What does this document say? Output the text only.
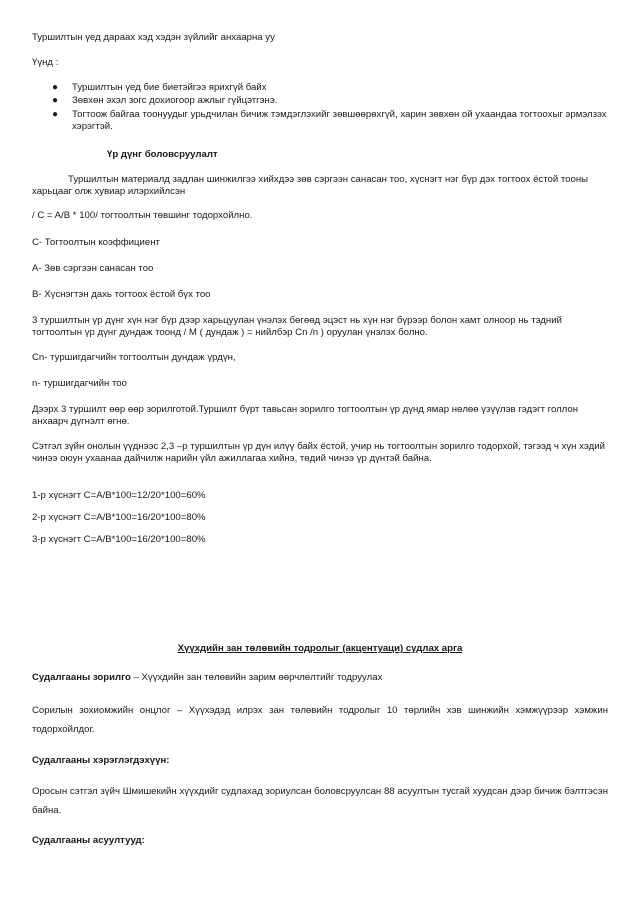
Туршилтын үед дараах хэд хэдэн зүйлийг анхаарна уу

Үүнд :

● Туршилтын үед бие биетэйгээ ярихгүй байх
● Зөвхөн эхэл зогс дохиогоор ажлыг гүйцэтгэнэ.
● Тогтоож байгаа тоонуудыг урьдчилан бичиж тэмдэглэхийг зөвшөөрөхгүй, харин зөвхөн ой ухаандаа тогтоохыг эрмэлзэх хэрэгтэй.

Үр дүнг боловсруулалт

Туршилтын материалд задлан шинжилгээ хийхдээ зөв сэргээн санасан тоо, хүснэгт нэг бүр дэх тогтоох ёстой тооны харьцааг олж хувиар илэрхийлсэн

/ C = A/B * 100/ тогтоолтын төвшинг тодорхойлно.

С- Тогтоолтын коэффициент

А- Зөв сэргээн санасан тоо

В- Хүснэгтэн дахь тогтоох ёстой бүх тоо

3 туршилтын үр дүнг хүн нэг бүр дээр харьцуулан үнэлэх бөгөөд эцэст нь хүн нэг бүрээр болон хамт олноор нь тэдний тогтоолтын үр дүнг дундаж тоонд / М ( дундаж ) = нийлбэр Cn /n ) оруулан үнэлэх болно.

Cn- туршигдагчийн тогтоолтын дундаж үрдүн,

n- туршигдагчийн тоо

Дээрх 3 туршилт өөр өөр зорилготой.Туршилт бүрт тавьсан зорилго тогтоолтын үр дүнд ямар нөлөө үзүүлэв гэдэгт голлон анхаарч дүгнэлт өгнө.

Сэтгэл зүйн онолын үүднээс 2,3 –р туршилтын үр дүн илүү байх ёстой, учир нь тогтоолтын зорилго тодорхой, тэгээд ч хүн хэдий чинээ оюун ухаанаа дайчилж нарийн үйл ажиллагаа хийнэ, төдий чинээ үр дүнтэй байна.

1-р хүснэгт C=A/B*100=12/20*100=60%

2-р хүснэгт C=A/B*100=16/20*100=80%

3-р хүснэгт C=A/B*100=16/20*100=80%

Хүүхдийн зан төлөвийн тодролыг (акцентуаци) судлах арга

Судалгааны зорилго – Хүүхдийн зан төлөвийн зарим өөрчлөлтийг тодруулах

Сорилын зохиомжийн онцлог – Хүүхэдэд илрэх зан төлөвийн тодролыг 10 төрлийн хэв шинжийн хэмжүүрээр хэмжин тодорхойлдог.

Судалгааны хэрэглэгдэхүүн:

Оросын сэтгэл зүйч Шмишекийн хүүхдийг судлахад зориулсан боловсруулсан 88 асуултын тусгай хуудсан дээр бичиж бэлтгэсэн байна.

Судалгааны асуултууд:
